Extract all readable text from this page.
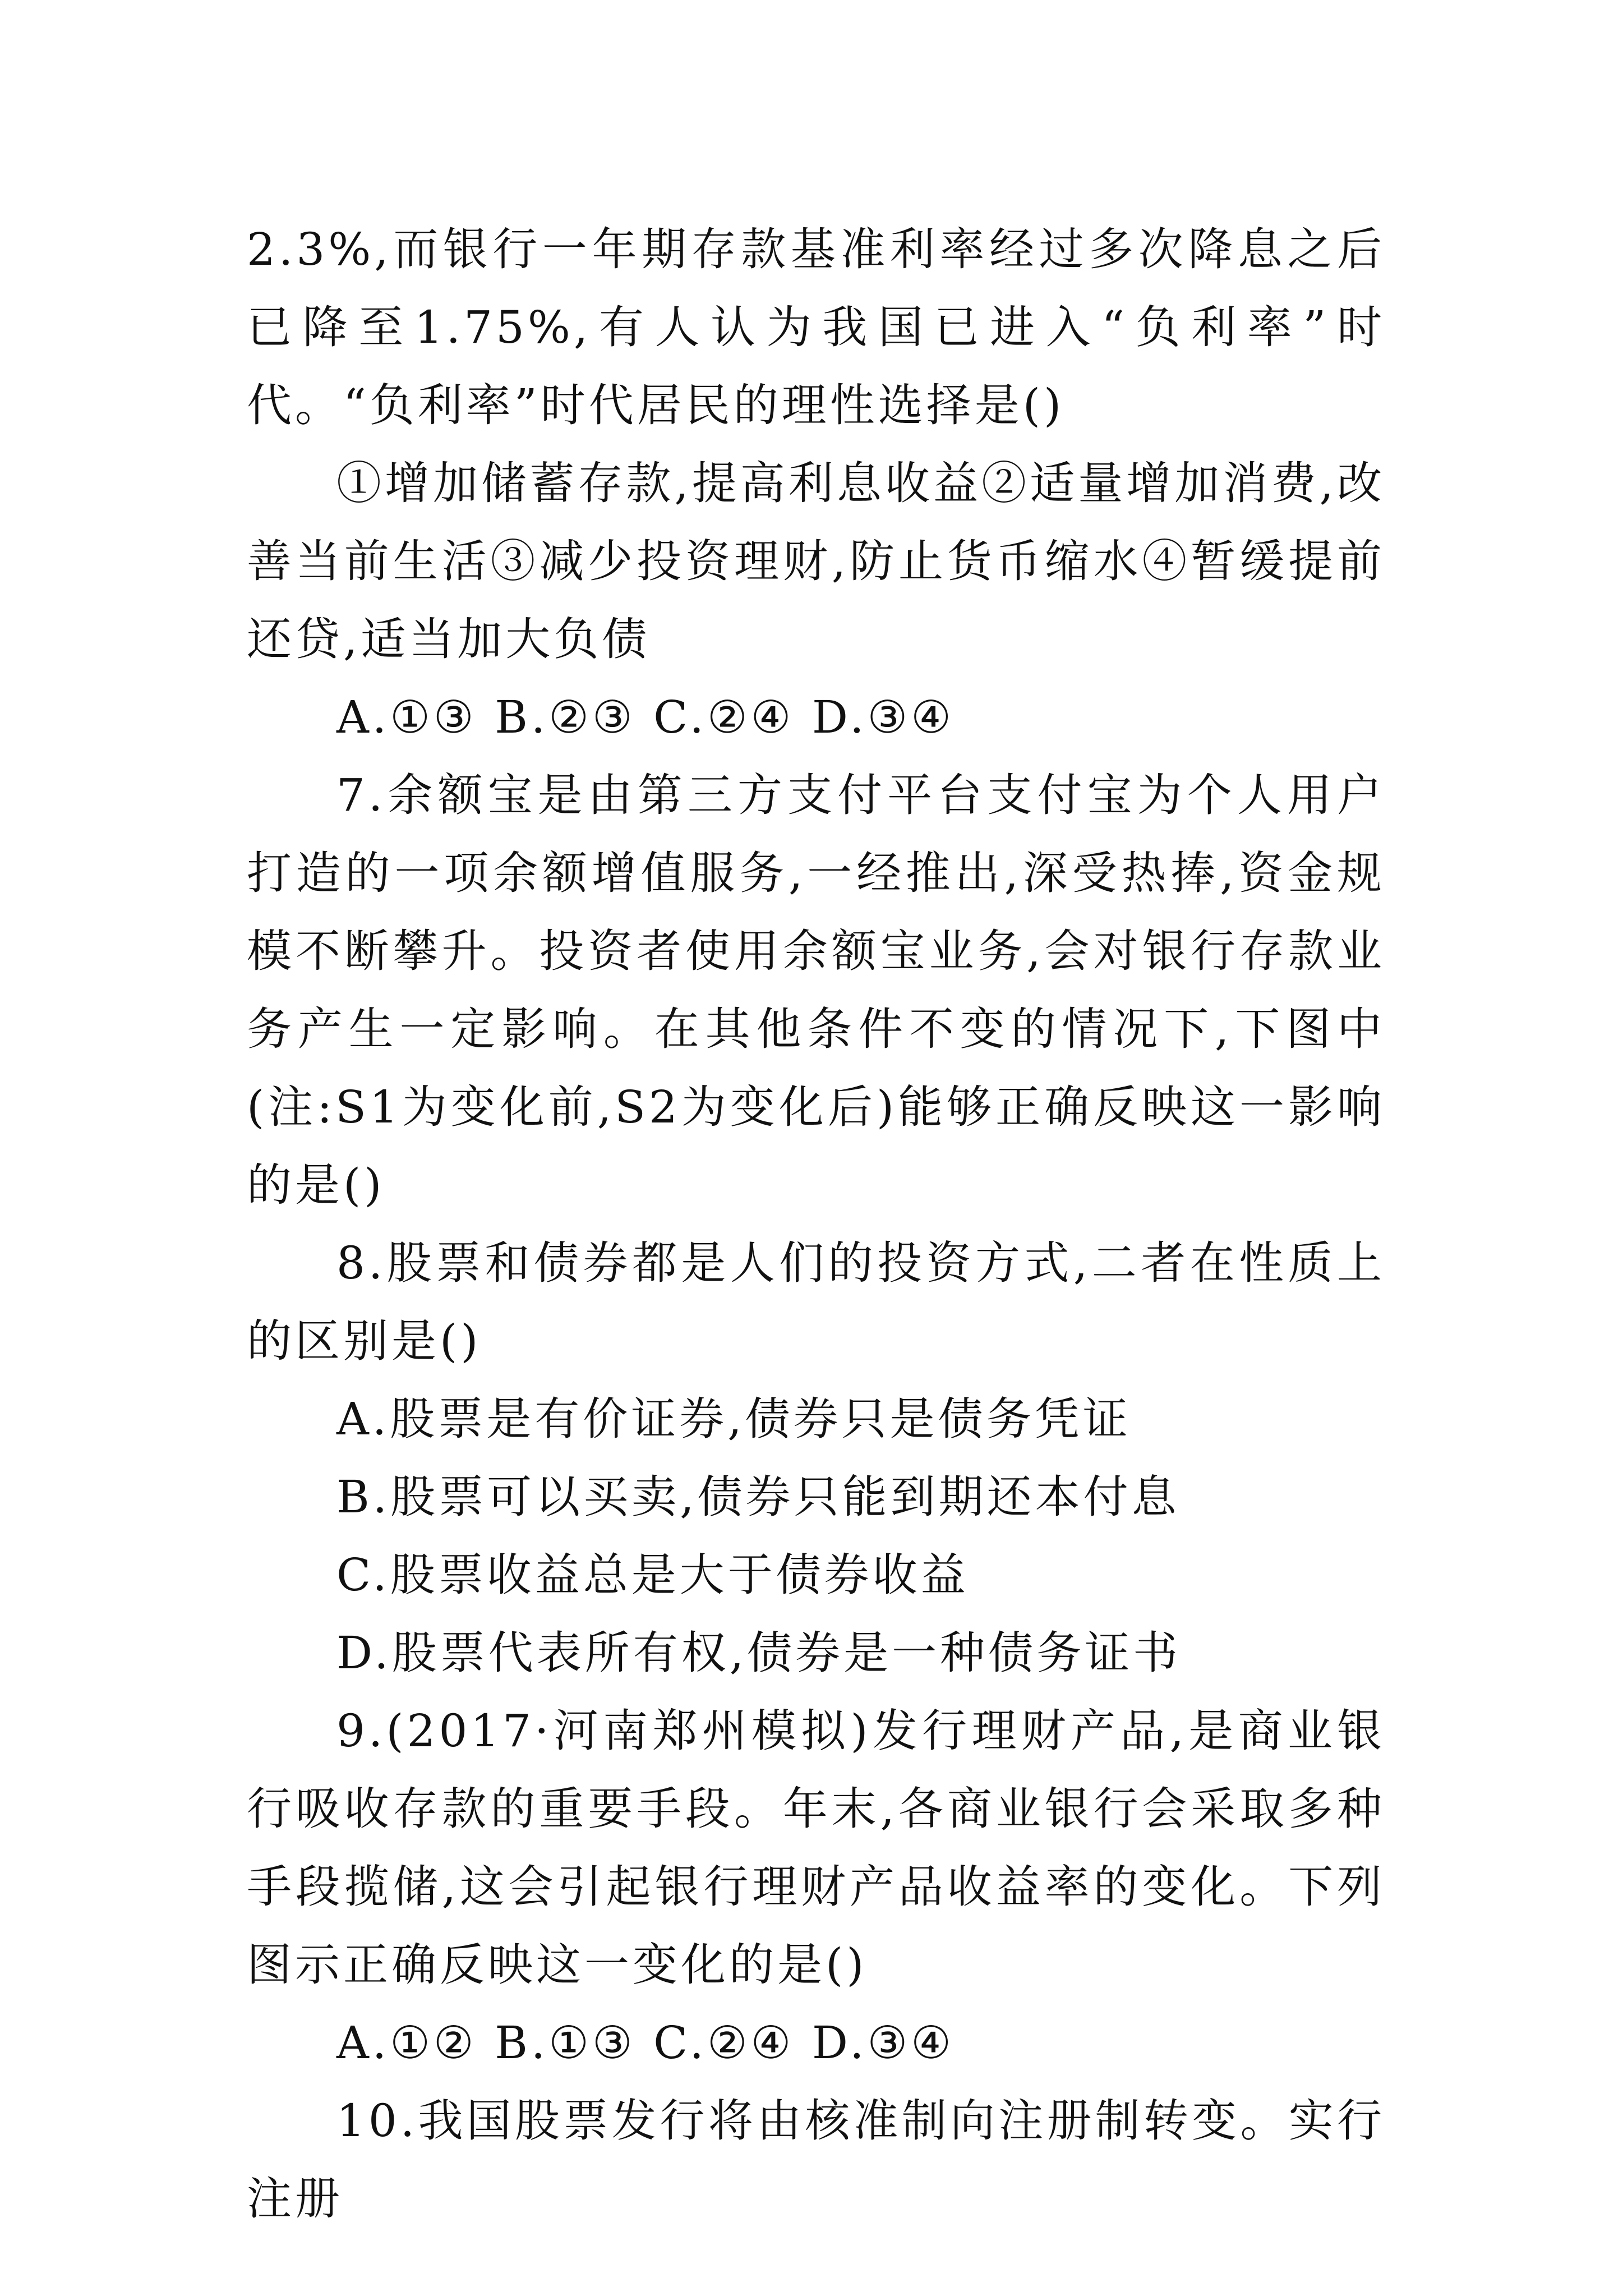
2.3%,而银行一年期存款基准利率经过多次降息之后已降至1.75%,有人认为我国已进入“负利率”时代。“负利率”时代居民的理性选择是()

①增加储蓄存款,提高利息收益②适量增加消费,改善当前生活③减少投资理财,防止货币缩水④暂缓提前还贷,适当加大负债

A.①③ B.②③ C.②④ D.③④

7.余额宝是由第三方支付平台支付宝为个人用户打造的一项余额增值服务,一经推出,深受热捧,资金规模不断攀升。投资者使用余额宝业务,会对银行存款业务产生一定影响。在其他条件不变的情况下,下图中(注:S1为变化前,S2为变化后)能够正确反映这一影响的是()

8.股票和债券都是人们的投资方式,二者在性质上的区别是()

A.股票是有价证券,债券只是债务凭证

B.股票可以买卖,债券只能到期还本付息

C.股票收益总是大于债券收益

D.股票代表所有权,债券是一种债务证书

9.(2017·河南郑州模拟)发行理财产品,是商业银行吸收存款的重要手段。年末,各商业银行会采取多种手段揽储,这会引起银行理财产品收益率的变化。下列图示正确反映这一变化的是()

A.①② B.①③ C.②④ D.③④

10.我国股票发行将由核准制向注册制转变。实行注册
